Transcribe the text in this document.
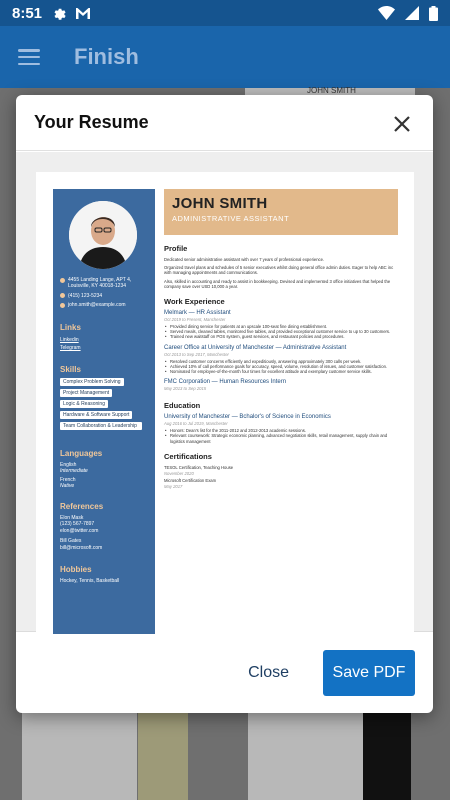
8:51
Finish
JOHN SMITH
Your Resume
4455 Landing Lange, APT 4, Louisville, KY 40018-1234
(415) 123-5234
john.smith@example.com
Links
Linkedin
Telegram
Skills
Complex Problem Solving
Project Management
Logic & Reasoning
Hardware & Software Support
Team Collaboration & Leadership
Languages
English
Intermediate
French
Native
References
Elon Mask
(123) 567-7897
elon@twitter.com
Bill Gates
bill@microsoft.com
Hobbies
Hockey, Tennis, Basketball
JOHN SMITH
ADMINISTRATIVE ASSISTANT
Profile
Dedicated senior administrative assistant with over 7 years of professional experience.
Organized travel plans and schedules of 5 senior executives whilst doing general office admin duties. Eager to help ABC inc with managing appointments and communications.
Also, skilled in accounting and ready to assist in bookkeeping. Devised and implemented 3 office initiatives that helped the company save over USD 10,000 a year.
Work Experience
Melmark — HR Assistant
Oct 2019 to Present, Manchester
• Provided dining service for patients at an upscale 100-seat fine dining establishment.
• Served meals, cleaned tables, monitored five tables, and provided exceptional customer service to up to 30 customers.
• Trained new waitstaff on POS system, guest services, and restaurant policies and procedures.
Career Office at University of Manchester — Administrative Assistant
Oct 2013 to Sep 2017, Manchester
• Resolved customer concerns efficiently and expeditiously, answering approximately 300 calls per week.
• Achieved 10% of call performance goals for accuracy, speed, volume, resolution of issues, and customer satisfaction.
• Nominated for employee-of-the-month four times for excellent attitude and exemplary customer service skills.
FMC Corporation — Human Resources Intern
May 2013 to Sep 2015
Education
University of Manchester — Bchalor's of Science in Economics
Aug 2016 to Jul 2019, Manchester
• Honors: Dean's list for the 2011-2012 and 2012-2013 academic sessions.
• Relevant coursework: Strategic economic planning, advanced negotiation skills, retail management, supply chain and logistics management
Certifications
TESOL Certification, Teaching House
November 2020
Microsoft Certification Exam
May 2017
Close	Save PDF
